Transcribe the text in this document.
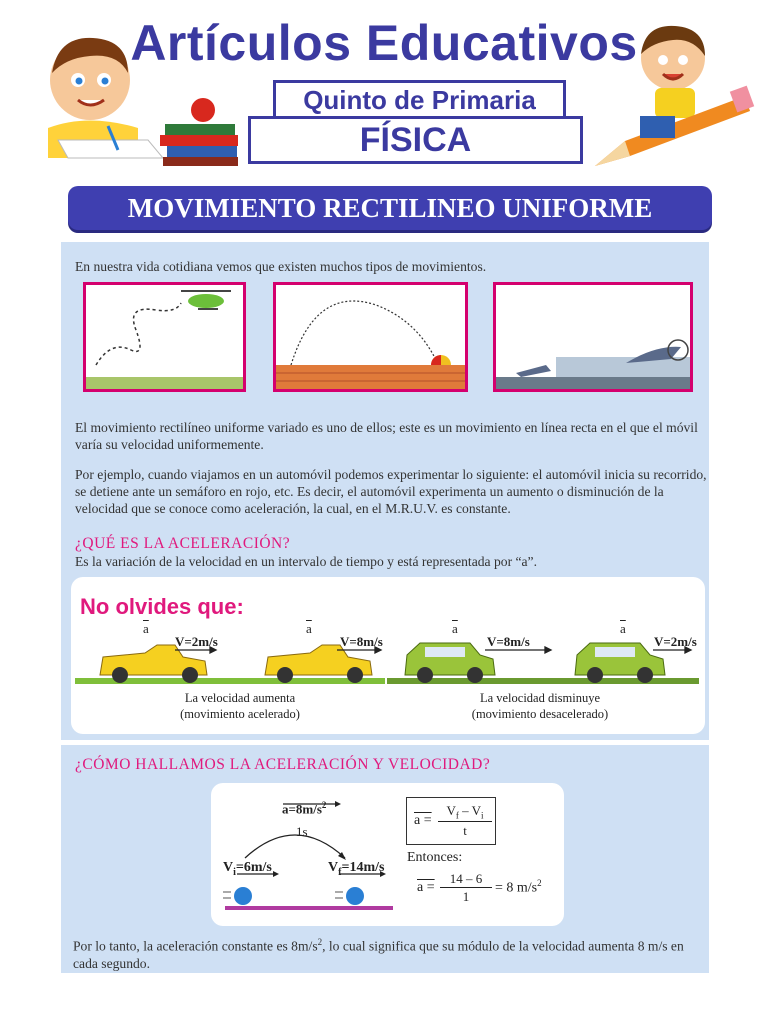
Artículos Educativos
Quinto de Primaria
FÍSICA
MOVIMIENTO RECTILINEO UNIFORME
En nuestra vida cotidiana vemos que existen muchos tipos de movimientos.
El movimiento rectilíneo uniforme variado es uno de ellos; este es un movimiento en línea recta en el que el móvil varía su velocidad uniformemente.
Por ejemplo, cuando viajamos en un automóvil podemos experimentar lo siguiente: el automóvil inicia su recorrido, se detiene ante un semáforo en rojo, etc. Es decir, el automóvil experimenta un aumento o disminución de la velocidad que se conoce como aceleración, la cual, en el M.R.U.V. es constante.
¿QUÉ ES LA ACELERACIÓN?
Es la variación de la velocidad en un intervalo de tiempo y está representada por “a”.
No olvides que:
$\overline{a}$	$\overline{a}$	$\overline{a}$	$\overline{a}$
V=2m/s	V=8m/s	V=8m/s	V=2m/s
La velocidad aumenta
(movimiento acelerado)
La velocidad disminuye
(movimiento desacelerado)
¿CÓMO HALLAMOS LA ACELERACIÓN Y VELOCIDAD?
$a=8m/s^2$
1s
$V_i=6m/s$	$V_f=14m/s$
a =
$V_f - V_i$
t
Entonces:
a =
14 – 6
1
= 8 $m/s^2$
Por lo tanto, la aceleración constante es $8m/s^2$, lo cual significa que su módulo de la velocidad aumenta 8 m/s en cada segundo.
